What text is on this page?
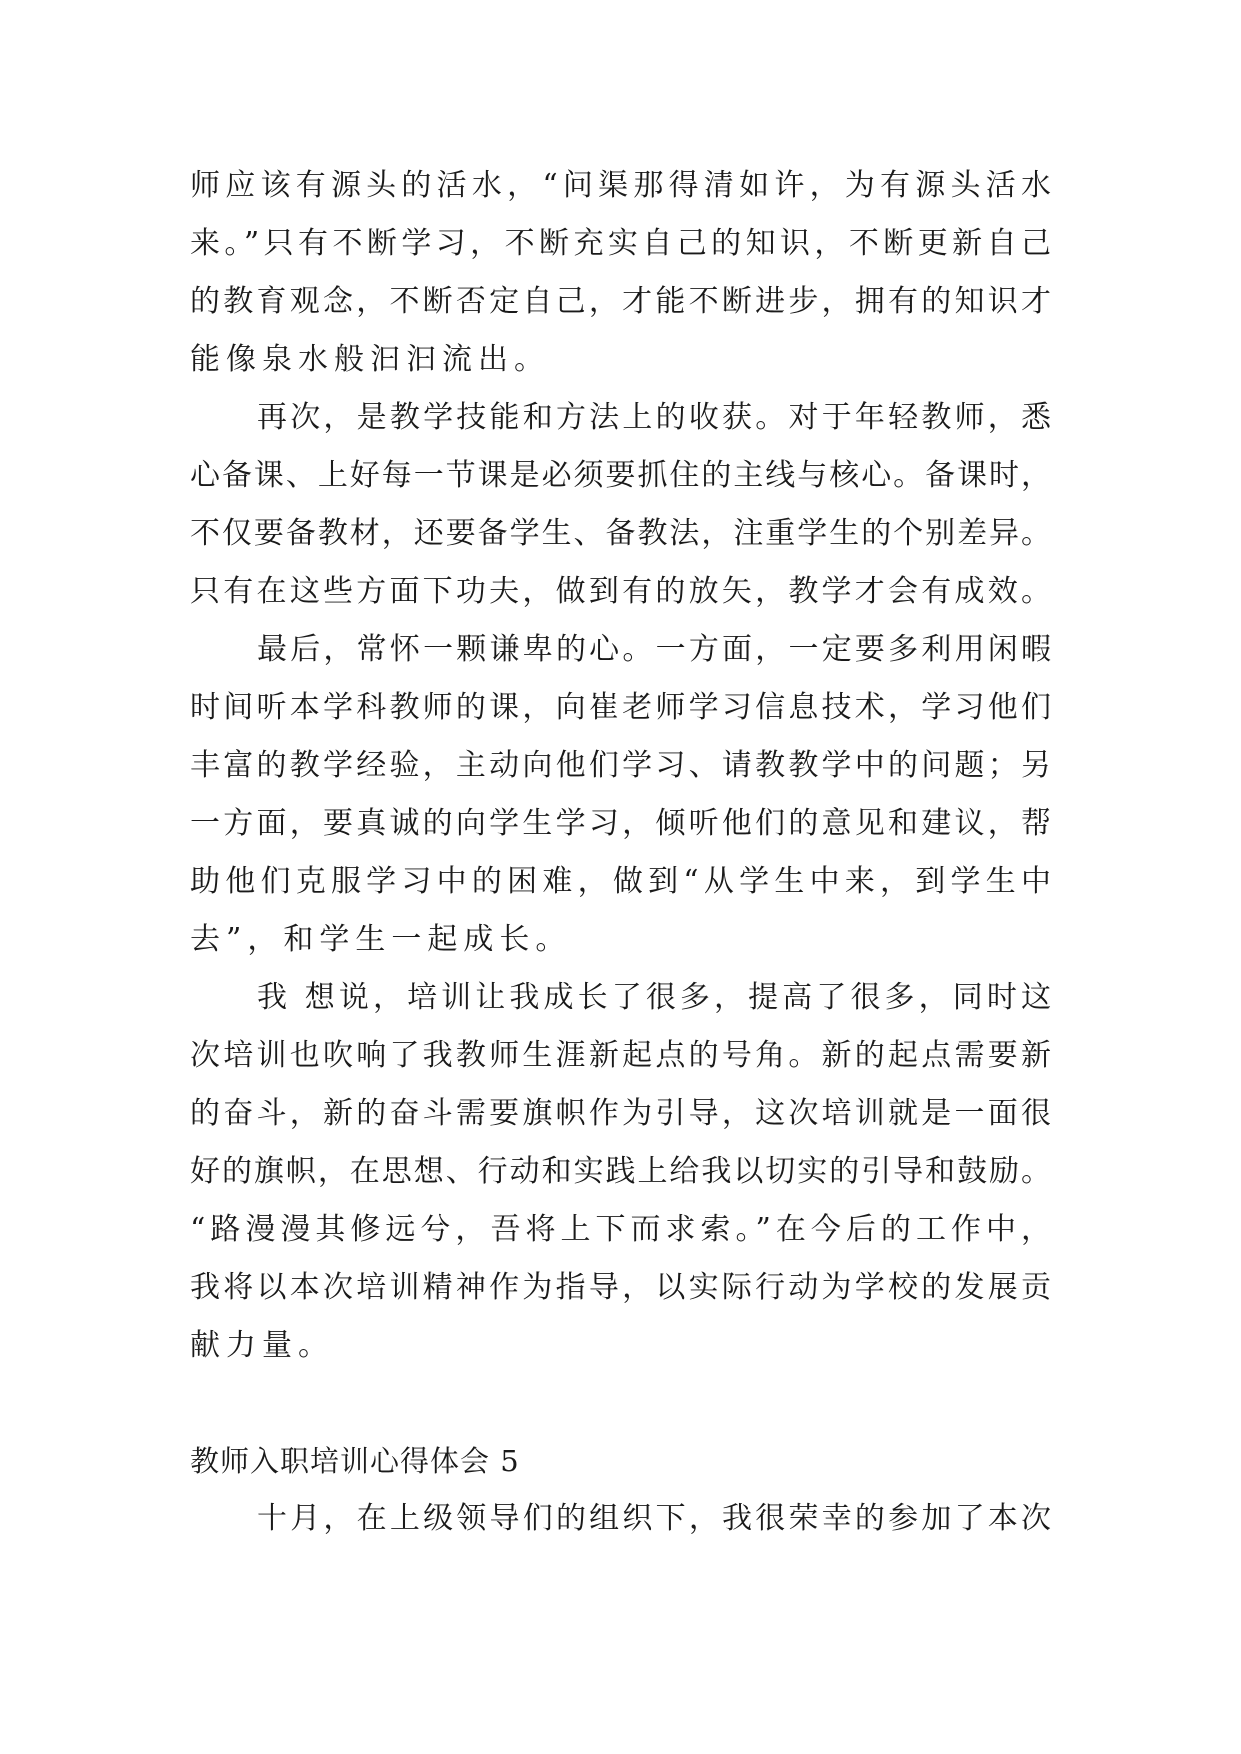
师应该有源头的活水，“问渠那得清如许，为有源头活水
来。”只有不断学习，不断充实自己的知识，不断更新自己
的教育观念，不断否定自己，才能不断进步，拥有的知识才
能像泉水般汩汩流出。
再次，是教学技能和方法上的收获。对于年轻教师，悉
心备课、上好每一节课是必须要抓住的主线与核心。备课时，
不仅要备教材，还要备学生、备教法，注重学生的个别差异。
只有在这些方面下功夫，做到有的放矢，教学才会有成效。
最后，常怀一颗谦卑的心。一方面，一定要多利用闲暇
时间听本学科教师的课，向崔老师学习信息技术，学习他们
丰富的教学经验，主动向他们学习、请教教学中的问题；另
一方面，要真诚的向学生学习，倾听他们的意见和建议，帮
助他们克服学习中的困难，做到“从学生中来，到学生中
去”，和学生一起成长。
我 想说，培训让我成长了很多，提高了很多，同时这
次培训也吹响了我教师生涯新起点的号角。新的起点需要新
的奋斗，新的奋斗需要旗帜作为引导，这次培训就是一面很
好的旗帜，在思想、行动和实践上给我以切实的引导和鼓励。
“路漫漫其修远兮，吾将上下而求索。”在今后的工作中，
我将以本次培训精神作为指导，以实际行动为学校的发展贡
献力量。
教师入职培训心得体会 5
十月，在上级领导们的组织下，我很荣幸的参加了本次
